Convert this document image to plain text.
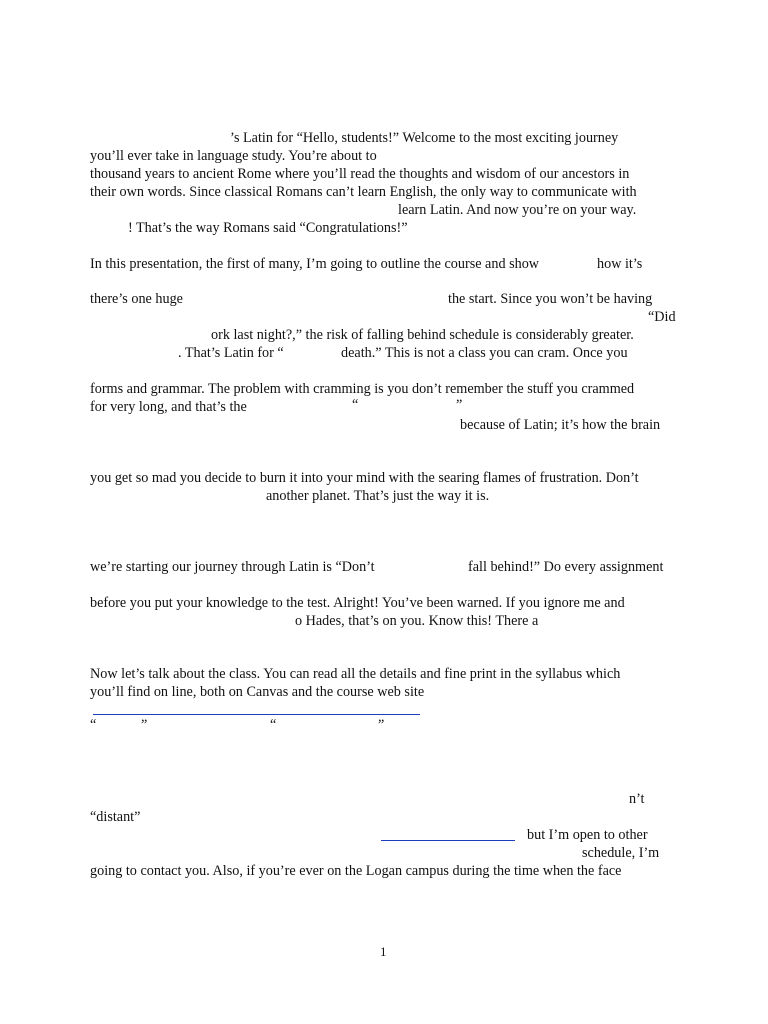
’s Latin for “Hello, students!” Welcome to the most exciting journey
you’ll ever take in language study. You’re about to
thousand years to ancient Rome where you’ll read the thoughts and wisdom of our ancestors in
their own words. Since classical Romans can’t learn English, the only way to communicate with
learn Latin. And now you’re on your way.
! That’s the way Romans said “Congratulations!”
In this presentation, the first of many, I’m going to outline the course and show	how it’s
there’s one huge	the start. Since you won’t be having
“Did
ork last night?,” the risk of falling behind schedule is considerably greater.
. That’s Latin for “	death.” This is not a class you can cram. Once you
forms and grammar. The problem with cramming is you don’t remember the stuff you crammed
for very long, and that’s the	“	”
because of Latin; it’s how the brain
you get so mad you decide to burn it into your mind with the searing flames of frustration. Don’t
another planet. That’s just the way it is.
we’re starting our journey through Latin is “Don’t	fall behind!” Do every assignment
before you put your knowledge to the test. Alright! You’ve been warned. If you ignore me and
o Hades, that’s on you. Know this! There a
Now let’s talk about the class. You can read all the details and fine print in the syllabus which
you’ll find on line, both on Canvas and the course web site
“	”	“	”
n’t
“distant”
but I’m open to other
schedule, I’m
going to contact you. Also, if you’re ever on the Logan campus during the time when the face
1
